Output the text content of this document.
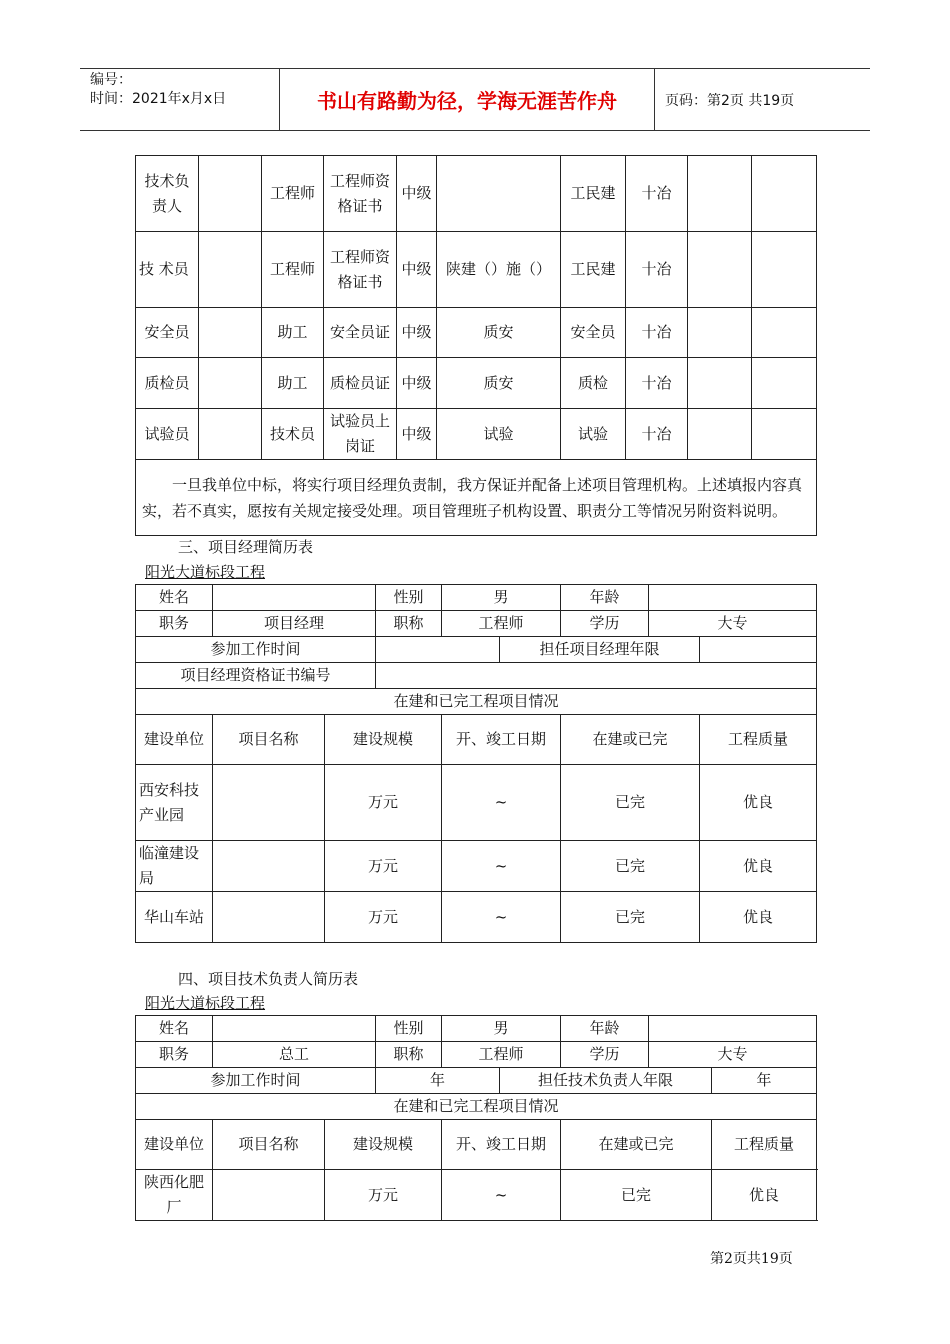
编号：
时间：2021年x月x日	书山有路勤为径，学海无涯苦作舟	页码：第2页 共19页
技术负责人		工程师	工程师资格证书	中级		工民建	十冶		
技 术员		工程师	工程师资格证书	中级	陕建（）施（）	工民建	十冶		
安全员		助工	安全员证	中级	质安	安全员	十冶		
质检员		助工	质检员证	中级	质安	质检	十冶		
试验员		技术员	试验员上岗证	中级	试验	试验	十冶		
一旦我单位中标，将实行项目经理负责制，我方保证并配备上述项目管理机构。上述填报内容真实，若不真实，愿按有关规定接受处理。项目管理班子机构设置、职责分工等情况另附资料说明。									
三、项目经理简历表
阳光大道标段工程
姓名			性别	男		年龄		
职务	项目经理		职称	工程师		学历	大专	
参加工作时间					担任项目经理年限			
项目经理资格证书编号								
在建和已完工程项目情况								
建设单位	项目名称	建设规模		开、竣工日期		在建或已完		工程质量
西安科技产业园		万元		~		已完		优良
临潼建设局		万元		~		已完		优良
华山车站		万元		~		已完		优良
四、项目技术负责人简历表
阳光大道标段工程
姓名			性别	男		年龄		
职务	总工		职称	工程师		学历	大专	
参加工作时间			年		担任技术负责人年限			年
在建和已完工程项目情况								
建设单位	项目名称	建设规模		开、竣工日期		在建或已完		工程质量
陕西化肥厂		万元		~		已完		优良
第2页共19页
